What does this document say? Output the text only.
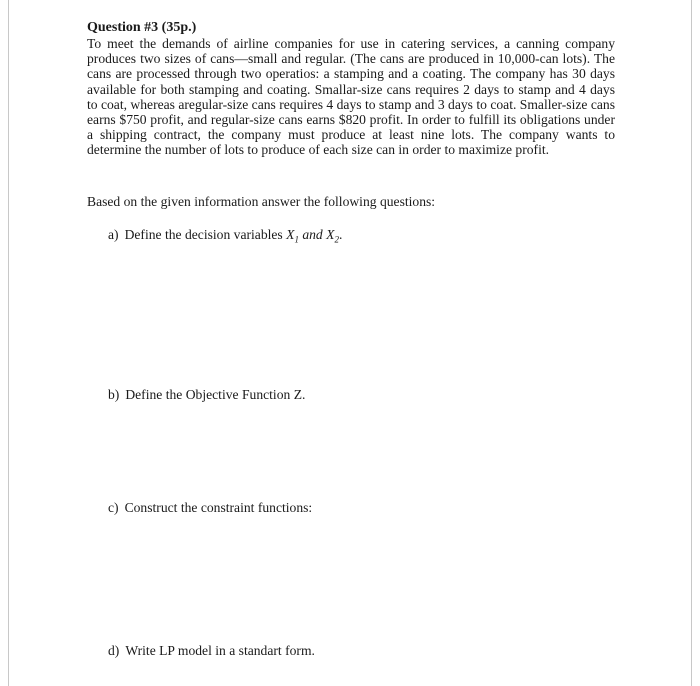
Question #3 (35p.)

To meet the demands of airline companies for use in catering services, a canning company produces two sizes of cans—small and regular. (The cans are produced in 10,000-can lots). The cans are processed through two operatios: a stamping and a coating. The company has 30 days available for both stamping and coating. Smallar-size cans requires 2 days to stamp and 4 days to coat, whereas aregular-size cans requires 4 days to stamp and 3 days to coat. Smaller-size cans earns $750 profit, and regular-size cans earns $820 profit. In order to fulfill its obligations under a shipping contract, the company must produce at least nine lots. The company wants to determine the number of lots to produce of each size can in order to maximize profit.

Based on the given information answer the following questions:

a) Define the decision variables $X_1$ and $X_2$.

b) Define the Objective Function Z.

c) Construct the constraint functions:

d) Write LP model in a standart form.
